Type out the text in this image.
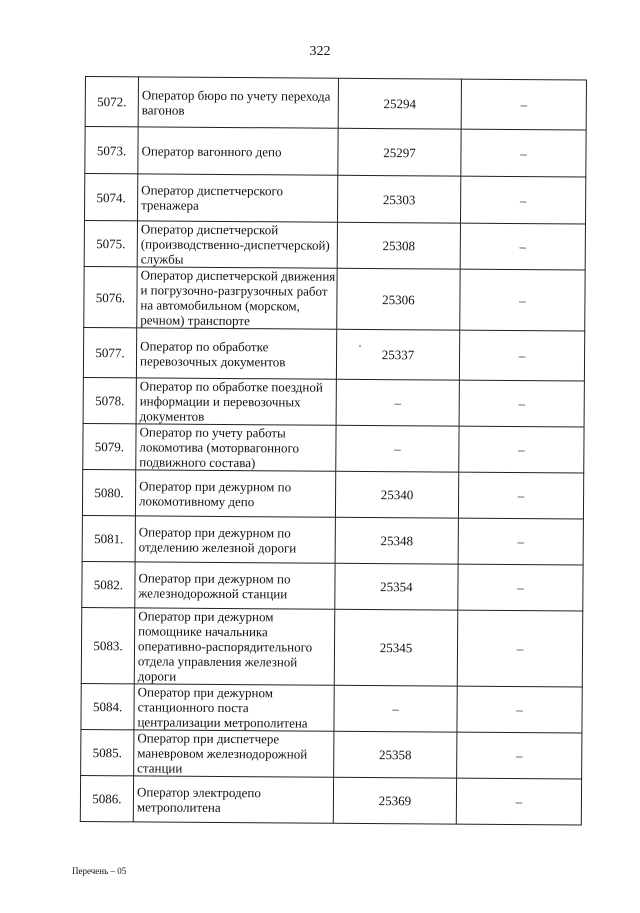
322
5072.	Оператор бюро по учету перехода вагонов	25294	–
5073.	Оператор вагонного депо	25297	–
5074.	Оператор диспетчерского тренажера	25303	–
5075.	Оператор диспетчерской (производственно-диспетчерской) службы	25308	–
5076.	Оператор диспетчерской движения и погрузочно-разгрузочных работ на автомобильном (морском, речном) транспорте	25306	–
5077.	Оператор по обработке перевозочных документов	25337	–
5078.	Оператор по обработке поездной информации и перевозочных документов	–	–
5079.	Оператор по учету работы локомотива (моторвагонного подвижного состава)	–	–
5080.	Оператор при дежурном по локомотивному депо	25340	–
5081.	Оператор при дежурном по отделению железной дороги	25348	–
5082.	Оператор при дежурном по железнодорожной станции	25354	–
5083.	Оператор при дежурном помощнике начальника оперативно-распорядительного отдела управления железной дороги	25345	–
5084.	Оператор при дежурном станционного поста централизации метрополитена	–	–
5085.	Оператор при диспетчере маневровом железнодорожной станции	25358	–
5086.	Оператор электродепо метрополитена	25369	–
Перечень – 05
